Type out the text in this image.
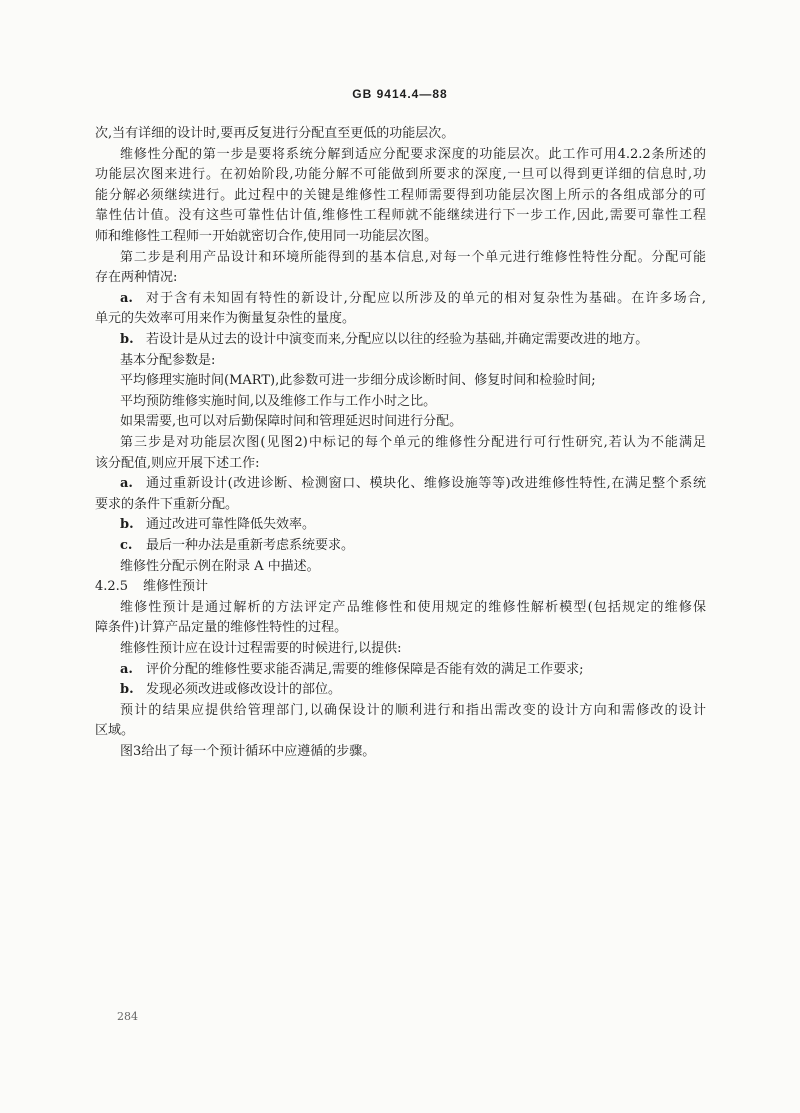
GB 9414.4—88
次,当有详细的设计时,要再反复进行分配直至更低的功能层次。
维修性分配的第一步是要将系统分解到适应分配要求深度的功能层次。此工作可用4.2.2条所述的
功能层次图来进行。在初始阶段,功能分解不可能做到所要求的深度,一旦可以得到更详细的信息时,功
能分解必须继续进行。此过程中的关键是维修性工程师需要得到功能层次图上所示的各组成部分的可
靠性估计值。没有这些可靠性估计值,维修性工程师就不能继续进行下一步工作,因此,需要可靠性工程
师和维修性工程师一开始就密切合作,使用同一功能层次图。
第二步是利用产品设计和环境所能得到的基本信息,对每一个单元进行维修性特性分配。分配可能
存在两种情况:
a.	对于含有未知固有特性的新设计,分配应以所涉及的单元的相对复杂性为基础。在许多场合,
单元的失效率可用来作为衡量复杂性的量度。
b. 若设计是从过去的设计中演变而来,分配应以以往的经验为基础,并确定需要改进的地方。
基本分配参数是:
平均修理实施时间(MART),此参数可进一步细分成诊断时间、修复时间和检验时间;
平均预防维修实施时间,以及维修工作与工作小时之比。
如果需要,也可以对后勤保障时间和管理延迟时间进行分配。
第三步是对功能层次图(见图2)中标记的每个单元的维修性分配进行可行性研究,若认为不能满足
该分配值,则应开展下述工作:
a.	通过重新设计(改进诊断、检测窗口、模块化、维修设施等等)改进维修性特性,在满足整个系统
要求的条件下重新分配。
b. 通过改进可靠性降低失效率。
c.	最后一种办法是重新考虑系统要求。
维修性分配示例在附录 A 中描述。
4.2.5	维修性预计
维修性预计是通过解析的方法评定产品维修性和使用规定的维修性解析模型(包括规定的维修保
障条件)计算产品定量的维修性特性的过程。
维修性预计应在设计过程需要的时候进行,以提供:
a.	评价分配的维修性要求能否满足,需要的维修保障是否能有效的满足工作要求;
b. 发现必须改进或修改设计的部位。
预计的结果应提供给管理部门,以确保设计的顺利进行和指出需改变的设计方向和需修改的设计
区域。
图3给出了每一个预计循环中应遵循的步骤。
284
